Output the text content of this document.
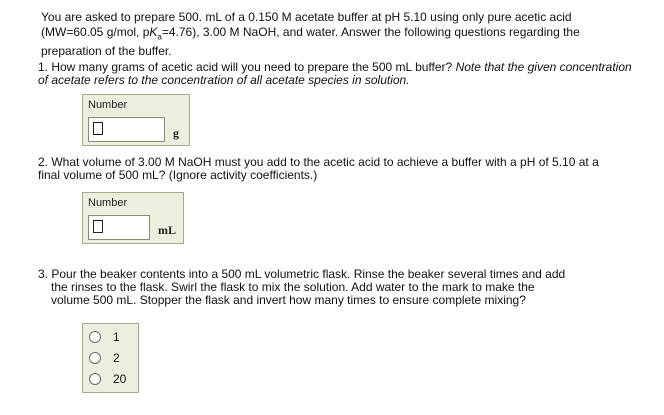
You are asked to prepare 500. mL of a 0.150 M acetate buffer at pH 5.10 using only pure acetic acid
(MW=60.05 g/mol, $pK_a=4.76$), 3.00 M NaOH, and water. Answer the following questions regarding the
preparation of the buffer.
1. How many grams of acetic acid will you need to prepare the 500 mL buffer? Note that the given concentration
of acetate refers to the concentration of all acetate species in solution.
Number
g
2. What volume of 3.00 M NaOH must you add to the acetic acid to achieve a buffer with a pH of 5.10 at a
final volume of 500 mL? (Ignore activity coefficients.)
Number
mL
3. Pour the beaker contents into a 500 mL volumetric flask. Rinse the beaker several times and add

the rinses to the flask. Swirl the flask to mix the solution. Add water to the mark to make the
volume 500 mL. Stopper the flask and invert how many times to ensure complete mixing?
1
2
20
